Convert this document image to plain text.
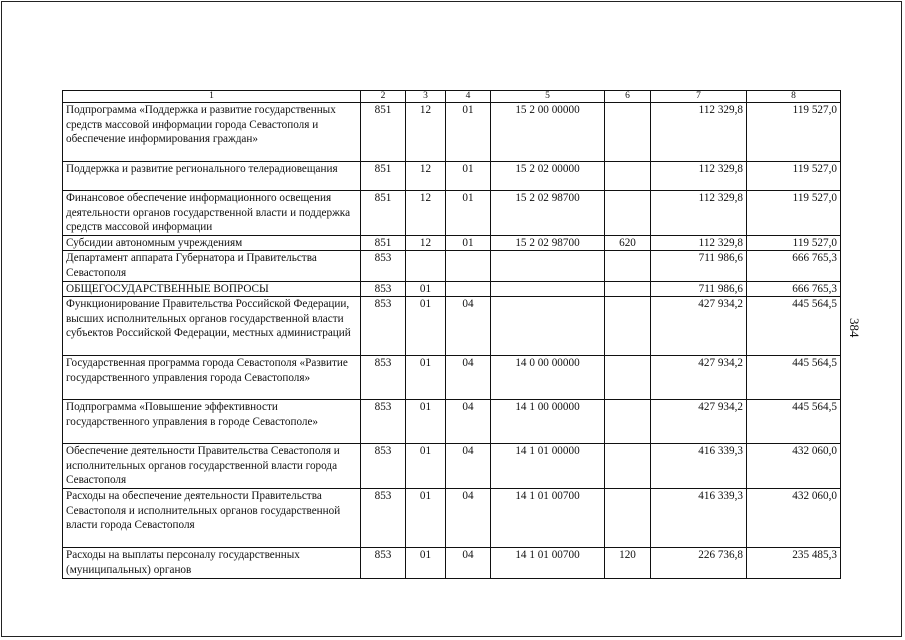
1	2	3	4	5	6	7	8
Подпрограмма «Поддержка и развитие государственных средств массовой информации города Севастополя и обеспечение информирования граждан»	851	12	01	15 2 00 00000		112 329,8	119 527,0
Поддержка и развитие регионального телерадиовещания	851	12	01	15 2 02 00000		112 329,8	119 527,0
Финансовое обеспечение информационного освещения деятельности органов государственной власти и поддержка средств массовой информации	851	12	01	15 2 02 98700		112 329,8	119 527,0
Субсидии автономным учреждениям	851	12	01	15 2 02 98700	620	112 329,8	119 527,0
Департамент аппарата Губернатора и Правительства Севастополя	853					711 986,6	666 765,3
ОБЩЕГОСУДАРСТВЕННЫЕ ВОПРОСЫ	853	01				711 986,6	666 765,3
Функционирование Правительства Российской Федерации, высших исполнительных органов государственной власти субъектов Российской Федерации, местных администраций	853	01	04			427 934,2	445 564,5
Государственная программа города Севастополя «Развитие государственного управления города Севастополя»	853	01	04	14 0 00 00000		427 934,2	445 564,5
Подпрограмма «Повышение эффективности государственного управления в городе Севастополе»	853	01	04	14 1 00 00000		427 934,2	445 564,5
Обеспечение деятельности Правительства Севастополя и исполнительных органов государственной власти города Севастополя	853	01	04	14 1 01 00000		416 339,3	432 060,0
Расходы на обеспечение деятельности Правительства Севастополя и исполнительных органов государственной власти города Севастополя	853	01	04	14 1 01 00700		416 339,3	432 060,0
Расходы на выплаты персоналу государственных (муниципальных) органов	853	01	04	14 1 01 00700	120	226 736,8	235 485,3
384
